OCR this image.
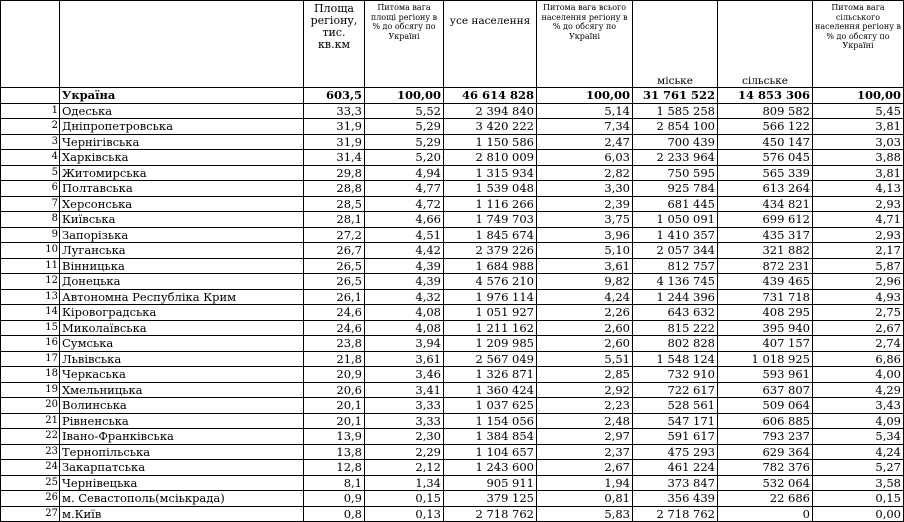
		Площа регіону, тис. кв.км	Питома вага площі регіону в % до обсягу по Україні	усе населення	Питома вага всього населення регіону в % до обсягу по Україні	міське	сільське	Питома вага сільського населення регіону в % до обсягу по Україні
	Україна	603,5	100,00	46 614 828	100,00	31 761 522	14 853 306	100,00
1	Одеська	33,3	5,52	2 394 840	5,14	1 585 258	809 582	5,45
2	Дніпропетровська	31,9	5,29	3 420 222	7,34	2 854 100	566 122	3,81
3	Чернігівська	31,9	5,29	1 150 586	2,47	700 439	450 147	3,03
4	Харківська	31,4	5,20	2 810 009	6,03	2 233 964	576 045	3,88
5	Житомирська	29,8	4,94	1 315 934	2,82	750 595	565 339	3,81
6	Полтавська	28,8	4,77	1 539 048	3,30	925 784	613 264	4,13
7	Херсонська	28,5	4,72	1 116 266	2,39	681 445	434 821	2,93
8	Київська	28,1	4,66	1 749 703	3,75	1 050 091	699 612	4,71
9	Запорізька	27,2	4,51	1 845 674	3,96	1 410 357	435 317	2,93
10	Луганська	26,7	4,42	2 379 226	5,10	2 057 344	321 882	2,17
11	Вінницька	26,5	4,39	1 684 988	3,61	812 757	872 231	5,87
12	Донецька	26,5	4,39	4 576 210	9,82	4 136 745	439 465	2,96
13	Автономна Республіка Крим	26,1	4,32	1 976 114	4,24	1 244 396	731 718	4,93
14	Кіровоградська	24,6	4,08	1 051 927	2,26	643 632	408 295	2,75
15	Миколаївська	24,6	4,08	1 211 162	2,60	815 222	395 940	2,67
16	Сумська	23,8	3,94	1 209 985	2,60	802 828	407 157	2,74
17	Львівська	21,8	3,61	2 567 049	5,51	1 548 124	1 018 925	6,86
18	Черкаська	20,9	3,46	1 326 871	2,85	732 910	593 961	4,00
19	Хмельницька	20,6	3,41	1 360 424	2,92	722 617	637 807	4,29
20	Волинська	20,1	3,33	1 037 625	2,23	528 561	509 064	3,43
21	Рівненська	20,1	3,33	1 154 056	2,48	547 171	606 885	4,09
22	Івано-Франківська	13,9	2,30	1 384 854	2,97	591 617	793 237	5,34
23	Тернопільська	13,8	2,29	1 104 657	2,37	475 293	629 364	4,24
24	Закарпатська	12,8	2,12	1 243 600	2,67	461 224	782 376	5,27
25	Чернівецька	8,1	1,34	905 911	1,94	373 847	532 064	3,58
26	м. Севастополь(мсіькрада)	0,9	0,15	379 125	0,81	356 439	22 686	0,15
27	м.Київ	0,8	0,13	2 718 762	5,83	2 718 762	0	0,00
